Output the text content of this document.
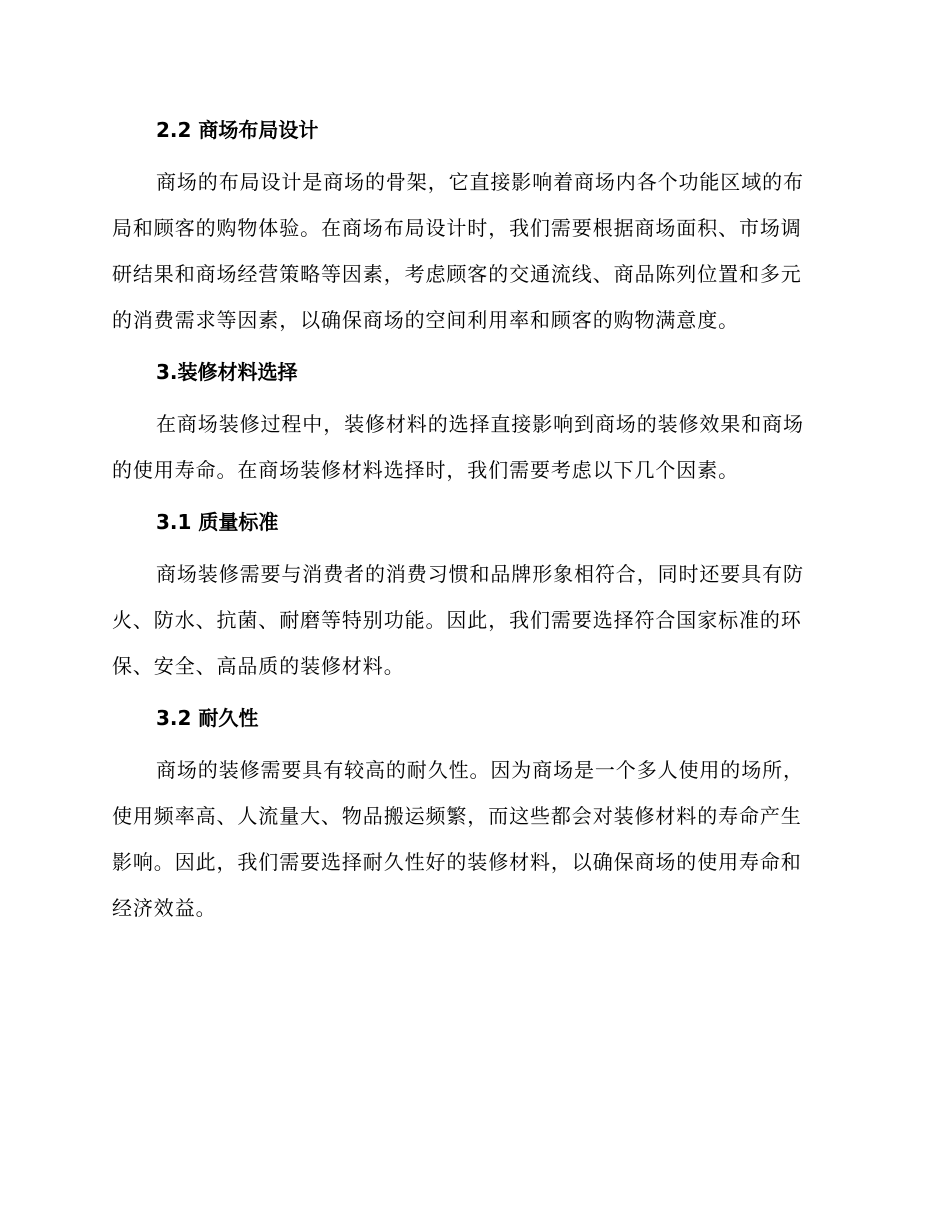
2.2 商场布局设计

商场的布局设计是商场的骨架，它直接影响着商场内各个功能区域的布
局和顾客的购物体验。在商场布局设计时，我们需要根据商场面积、市场调
研结果和商场经营策略等因素，考虑顾客的交通流线、商品陈列位置和多元
的消费需求等因素，以确保商场的空间利用率和顾客的购物满意度。

3.装修材料选择

在商场装修过程中，装修材料的选择直接影响到商场的装修效果和商场
的使用寿命。在商场装修材料选择时，我们需要考虑以下几个因素。

3.1 质量标准

商场装修需要与消费者的消费习惯和品牌形象相符合，同时还要具有防
火、防水、抗菌、耐磨等特别功能。因此，我们需要选择符合国家标准的环
保、安全、高品质的装修材料。

3.2 耐久性

商场的装修需要具有较高的耐久性。因为商场是一个多人使用的场所，
使用频率高、人流量大、物品搬运频繁，而这些都会对装修材料的寿命产生
影响。因此，我们需要选择耐久性好的装修材料，以确保商场的使用寿命和
经济效益。
